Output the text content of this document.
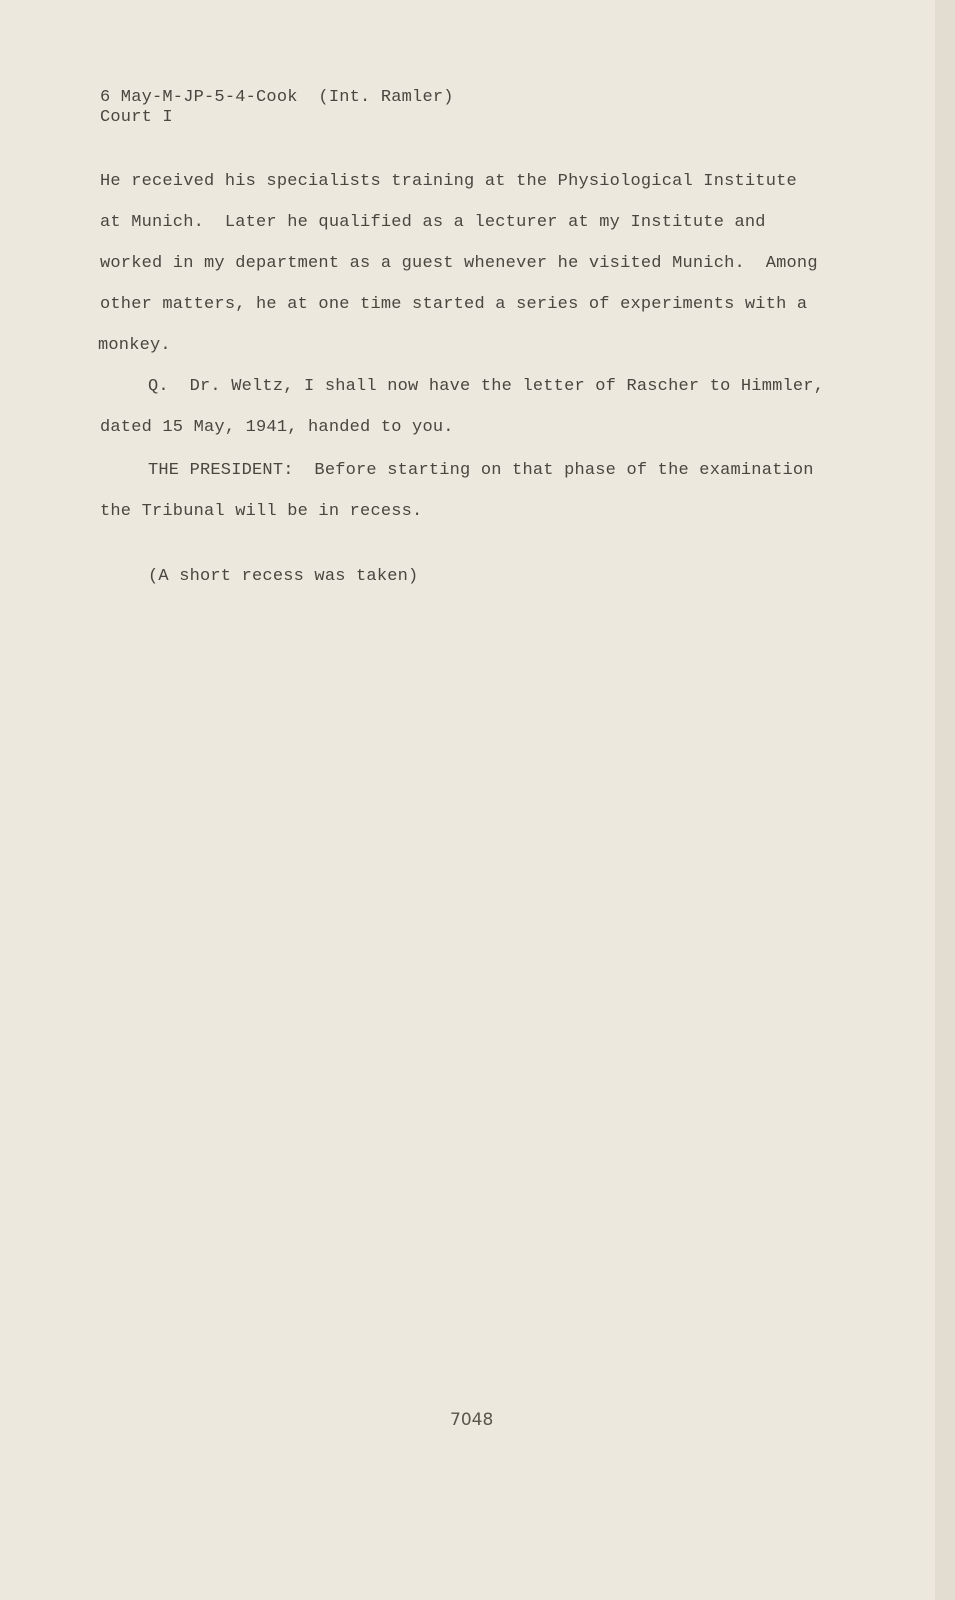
6 May-M-JP-5-4-Cook  (Int. Ramler)
Court I
He received his specialists training at the Physiological Institute
at Munich.  Later he qualified as a lecturer at my Institute and
worked in my department as a guest whenever he visited Munich.  Among
other matters, he at one time started a series of experiments with a
monkey.
Q.  Dr. Weltz, I shall now have the letter of Rascher to Himmler,
dated 15 May, 1941, handed to you.
THE PRESIDENT:  Before starting on that phase of the examination
the Tribunal will be in recess.
(A short recess was taken)
7048
